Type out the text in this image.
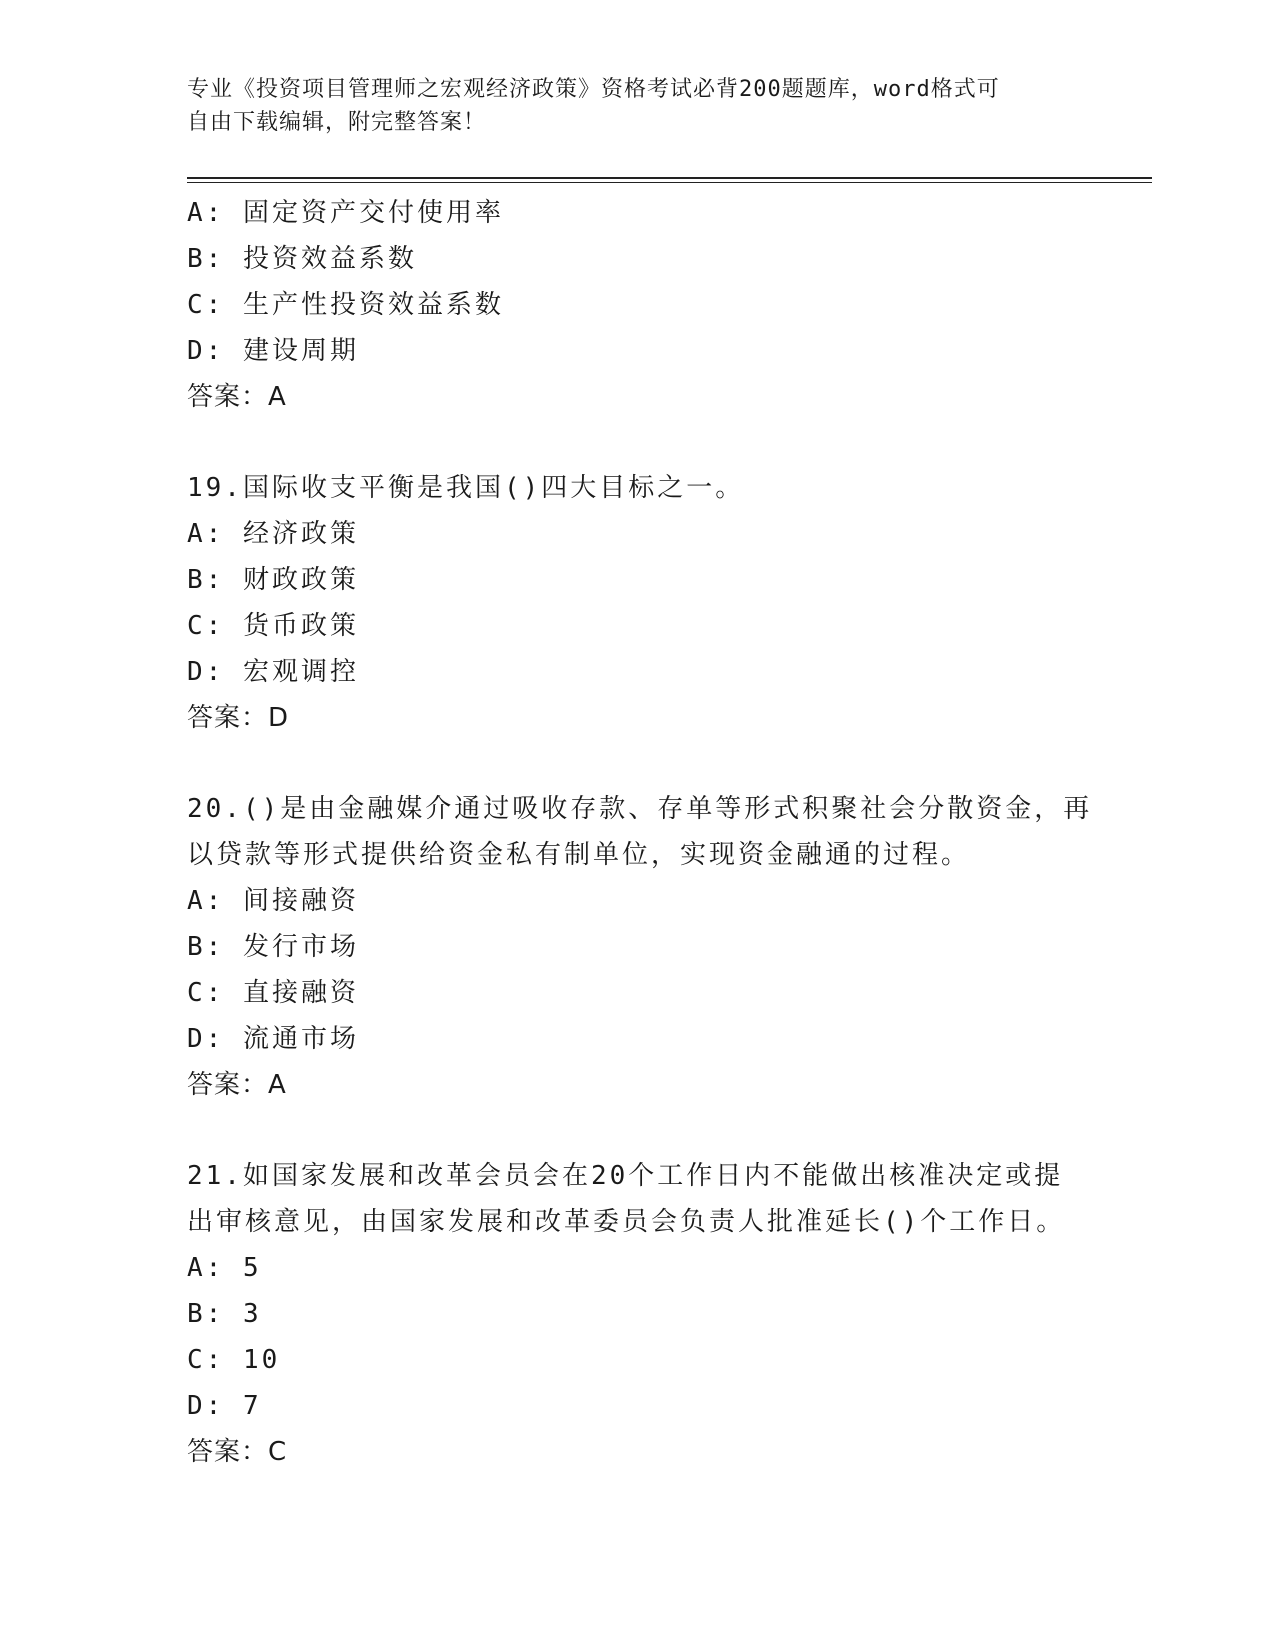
专业《投资项目管理师之宏观经济政策》资格考试必背200题题库，word格式可
自由下载编辑，附完整答案！
A: 固定资产交付使用率
B: 投资效益系数
C: 生产性投资效益系数
D: 建设周期
答案：A
19.国际收支平衡是我国()四大目标之一。
A: 经济政策
B: 财政政策
C: 货币政策
D: 宏观调控
答案：D
20.()是由金融媒介通过吸收存款、存单等形式积聚社会分散资金，再
以贷款等形式提供给资金私有制单位，实现资金融通的过程。
A: 间接融资
B: 发行市场
C: 直接融资
D: 流通市场
答案：A
21.如国家发展和改革会员会在20个工作日内不能做出核准决定或提
出审核意见，由国家发展和改革委员会负责人批准延长()个工作日。
A: 5
B: 3
C: 10
D: 7
答案：C
